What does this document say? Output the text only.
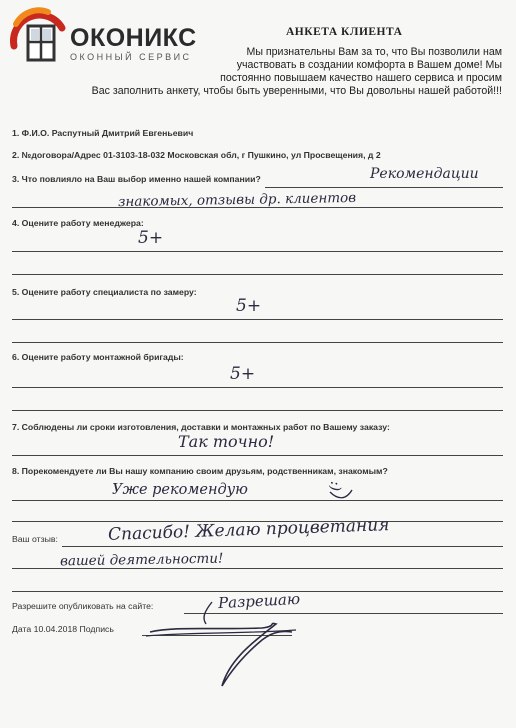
ОКОНИКС
ОКОННЫЙ СЕРВИС
АНКЕТА КЛИЕНТА
Мы признательны Вам за то, что Вы позволили нам
участвовать в создании комфорта в Вашем доме! Мы
постоянно повышаем качество нашего сервиса и просим
Вас заполнить анкету, чтобы быть уверенными, что Вы довольны нашей работой!!!
1. Ф.И.О. Распутный Дмитрий Евгеньевич
2. №договора/Адрес 01-3103-18-032 Московская обл, г Пушкино, ул Просвещения, д 2
3. Что повлияло на Ваш выбор именно нашей компании?	Рекомендации
знакомых, отзывы др. клиентов
4. Оцените работу менеджера:
5+
5. Оцените работу специалиста по замеру:
5+
6. Оцените работу монтажной бригады:
5+
7. Соблюдены ли сроки изготовления, доставки и монтажных работ по Вашему заказу:
Так точно!
8. Порекомендуете ли Вы нашу компанию своим друзьям, родственникам, знакомым?
Уже рекомендую	:)
Ваш отзыв:	Спасибо! Желаю процветания
вашей деятельности!
Разрешите опубликовать на сайте:	Разрешаю
Дата 10.04.2018 Подпись
